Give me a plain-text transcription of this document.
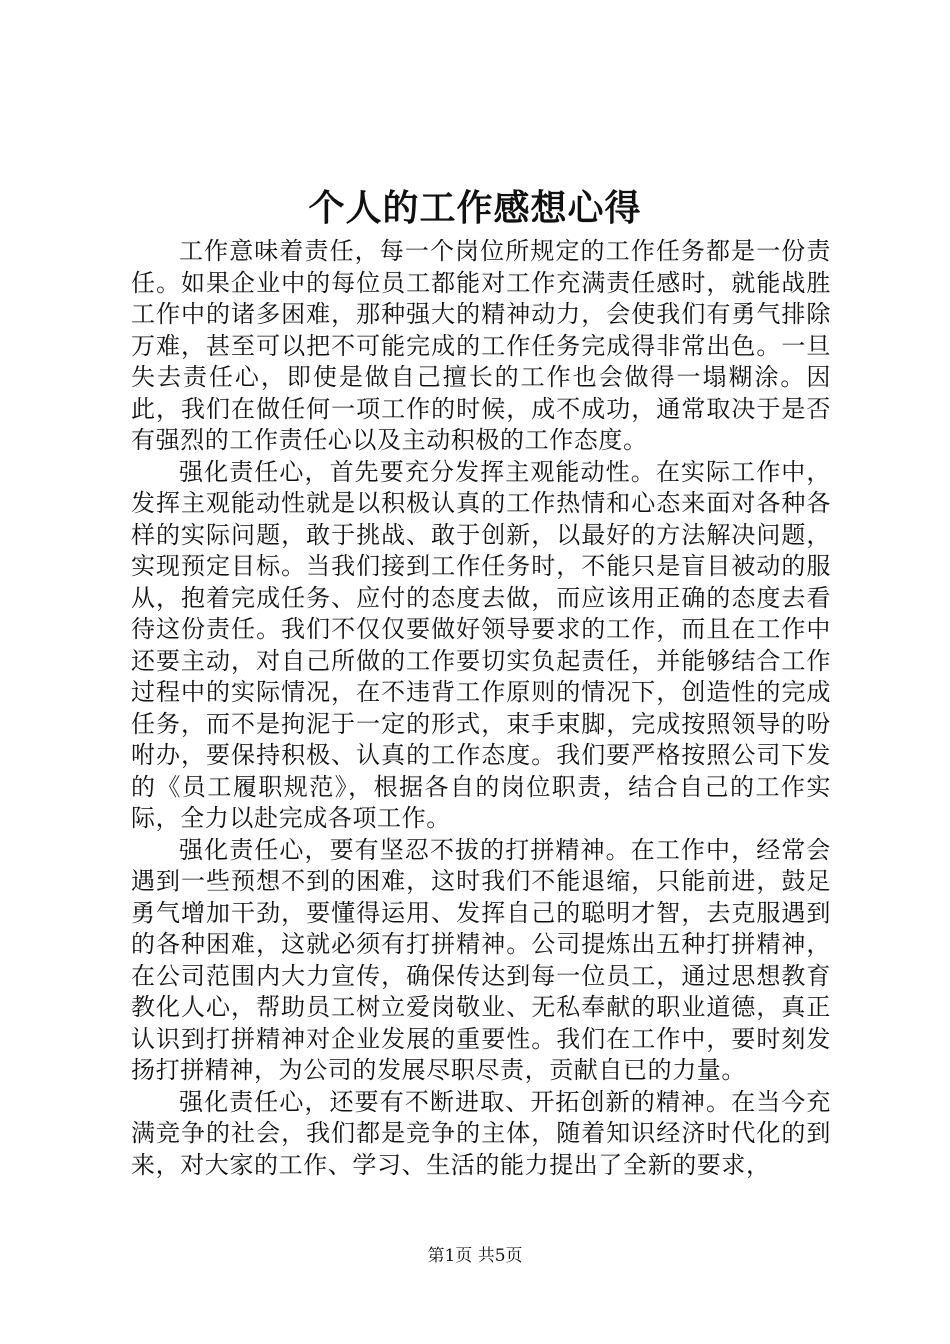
个人的工作感想心得

工作意味着责任，每一个岗位所规定的工作任务都是一份责任。如果企业中的每位员工都能对工作充满责任感时，就能战胜工作中的诸多困难，那种强大的精神动力，会使我们有勇气排除万难，甚至可以把不可能完成的工作任务完成得非常出色。一旦失去责任心，即使是做自己擅长的工作也会做得一塌糊涂。因此，我们在做任何一项工作的时候，成不成功，通常取决于是否有强烈的工作责任心以及主动积极的工作态度。

强化责任心，首先要充分发挥主观能动性。在实际工作中，发挥主观能动性就是以积极认真的工作热情和心态来面对各种各样的实际问题，敢于挑战、敢于创新，以最好的方法解决问题，实现预定目标。当我们接到工作任务时，不能只是盲目被动的服从，抱着完成任务、应付的态度去做，而应该用正确的态度去看待这份责任。我们不仅仅要做好领导要求的工作，而且在工作中还要主动，对自己所做的工作要切实负起责任，并能够结合工作过程中的实际情况，在不违背工作原则的情况下，创造性的完成任务，而不是拘泥于一定的形式，束手束脚，完成按照领导的吩咐办，要保持积极、认真的工作态度。我们要严格按照公司下发的《员工履职规范》，根据各自的岗位职责，结合自己的工作实际，全力以赴完成各项工作。

强化责任心，要有坚忍不拔的打拼精神。在工作中，经常会遇到一些预想不到的困难，这时我们不能退缩，只能前进，鼓足勇气增加干劲，要懂得运用、发挥自己的聪明才智，去克服遇到的各种困难，这就必须有打拼精神。公司提炼出五种打拼精神，在公司范围内大力宣传，确保传达到每一位员工，通过思想教育教化人心，帮助员工树立爱岗敬业、无私奉献的职业道德，真正认识到打拼精神对企业发展的重要性。我们在工作中，要时刻发扬打拼精神，为公司的发展尽职尽责，贡献自已的力量。

强化责任心，还要有不断进取、开拓创新的精神。在当今充满竞争的社会，我们都是竞争的主体，随着知识经济时代化的到来，对大家的工作、学习、生活的能力提出了全新的要求，

第1页 共5页
